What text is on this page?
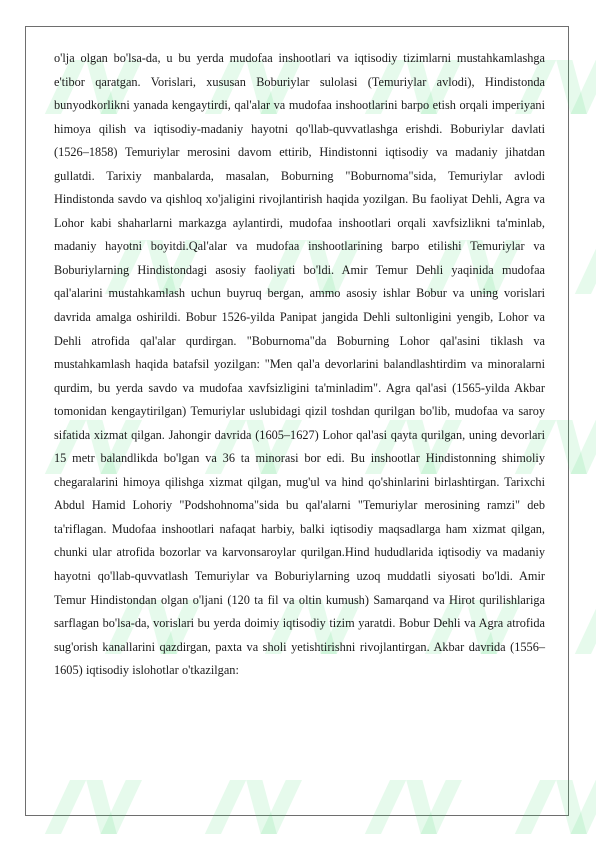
o'lja olgan bo'lsa-da, u bu yerda mudofaa inshootlari va iqtisodiy tizimlarni mustahkamlashga e'tibor qaratgan. Vorislari, xususan Boburiylar sulolasi (Temuriylar avlodi), Hindistonda bunyodkorlikni yanada kengaytirdi, qal'alar va mudofaa inshootlarini barpo etish orqali imperiyani himoya qilish va iqtisodiy-madaniy hayotni qo'llab-quvvatlashga erishdi. Boburiylar davlati (1526–1858) Temuriylar merosini davom ettirib, Hindistonni iqtisodiy va madaniy jihatdan gullatdi. Tarixiy manbalarda, masalan, Boburning "Boburnoma"sida, Temuriylar avlodi Hindistonda savdo va qishloq xo'jaligini rivojlantirish haqida yozilgan. Bu faoliyat Dehli, Agra va Lohor kabi shaharlarni markazga aylantirdi, mudofaa inshootlari orqali xavfsizlikni ta'minlab, madaniy hayotni boyitdi.Qal'alar va mudofaa inshootlarining barpo etilishi Temuriylar va Boburiylarning Hindistondagi asosiy faoliyati bo'ldi. Amir Temur Dehli yaqinida mudofaa qal'alarini mustahkamlash uchun buyruq bergan, ammo asosiy ishlar Bobur va uning vorislari davrida amalga oshirildi. Bobur 1526-yilda Panipat jangida Dehli sultonligini yengib, Lohor va Dehli atrofida qal'alar qurdirgan. "Boburnoma"da Boburning Lohor qal'asini tiklash va mustahkamlash haqida batafsil yozilgan: "Men qal'a devorlarini balandlashtirdim va minoralarni qurdim, bu yerda savdo va mudofaa xavfsizligini ta'minladim". Agra qal'asi (1565-yilda Akbar tomonidan kengaytirilgan) Temuriylar uslubidagi qizil toshdan qurilgan bo'lib, mudofaa va saroy sifatida xizmat qilgan. Jahongir davrida (1605–1627) Lohor qal'asi qayta qurilgan, uning devorlari 15 metr balandlikda bo'lgan va 36 ta minorasi bor edi. Bu inshootlar Hindistonning shimoliy chegaralarini himoya qilishga xizmat qilgan, mug'ul va hind qo'shinlarini birlashtirgan. Tarixchi Abdul Hamid Lohoriy "Podshohnoma"sida bu qal'alarni "Temuriylar merosining ramzi" deb ta'riflagan. Mudofaa inshootlari nafaqat harbiy, balki iqtisodiy maqsadlarga ham xizmat qilgan, chunki ular atrofida bozorlar va karvonsaroylar qurilgan.Hind hududlarida iqtisodiy va madaniy hayotni qo'llab-quvvatlash Temuriylar va Boburiylarning uzoq muddatli siyosati bo'ldi. Amir Temur Hindistondan olgan o'ljani (120 ta fil va oltin kumush) Samarqand va Hirot qurilishlariga sarflagan bo'lsa-da, vorislari bu yerda doimiy iqtisodiy tizim yaratdi. Bobur Dehli va Agra atrofida sug'orish kanallarini qazdirgan, paxta va sholi yetishtirishni rivojlantirgan. Akbar davrida (1556–1605) iqtisodiy islohotlar o'tkazilgan:
